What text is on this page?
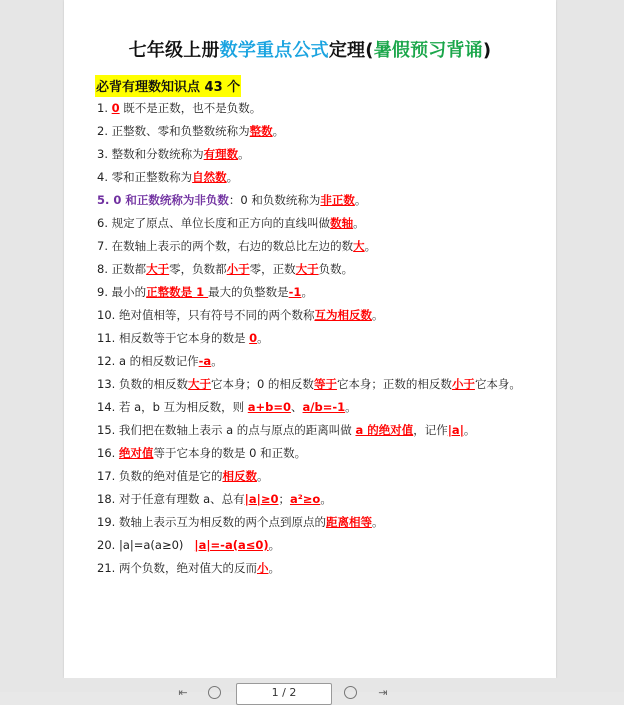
七年级上册数学重点公式定理(暑假预习背诵)
必背有理数知识点 43 个
1. 0 既不是正数，也不是负数。
2. 正整数、零和负整数统称为整数。
3. 整数和分数统称为有理数。
4. 零和正整数称为自然数。
5. 0 和正数统称为非负数：0 和负数统称为非正数。
6. 规定了原点、单位长度和正方向的直线叫做数轴。
7. 在数轴上表示的两个数，右边的数总比左边的数大。
8. 正数都大于零，负数都小于零，正数大于负数。
9. 最小的正整数是 1 最大的负整数是-1。
10. 绝对值相等，只有符号不同的两个数称互为相反数。
11. 相反数等于它本身的数是 0。
12. a 的相反数记作-a。
13. 负数的相反数大于它本身；0 的相反数等于它本身；正数的相反数小于它本身。
14. 若 a，b 互为相反数，则 a+b=0、a/b=-1。
15. 我们把在数轴上表示 a 的点与原点的距离叫做 a 的绝对值，记作|a|。
16. 绝对值等于它本身的数是 0 和正数。
17. 负数的绝对值是它的相反数。
18. 对于任意有理数 a、总有|a|≥0；a²≥o。
19. 数轴上表示互为相反数的两个点到原点的距离相等。
20. |a|=a(a≥0)   |a|=-a(a≤0)。
21. 两个负数，绝对值大的反而小。
⇤	⇥
1 / 2
